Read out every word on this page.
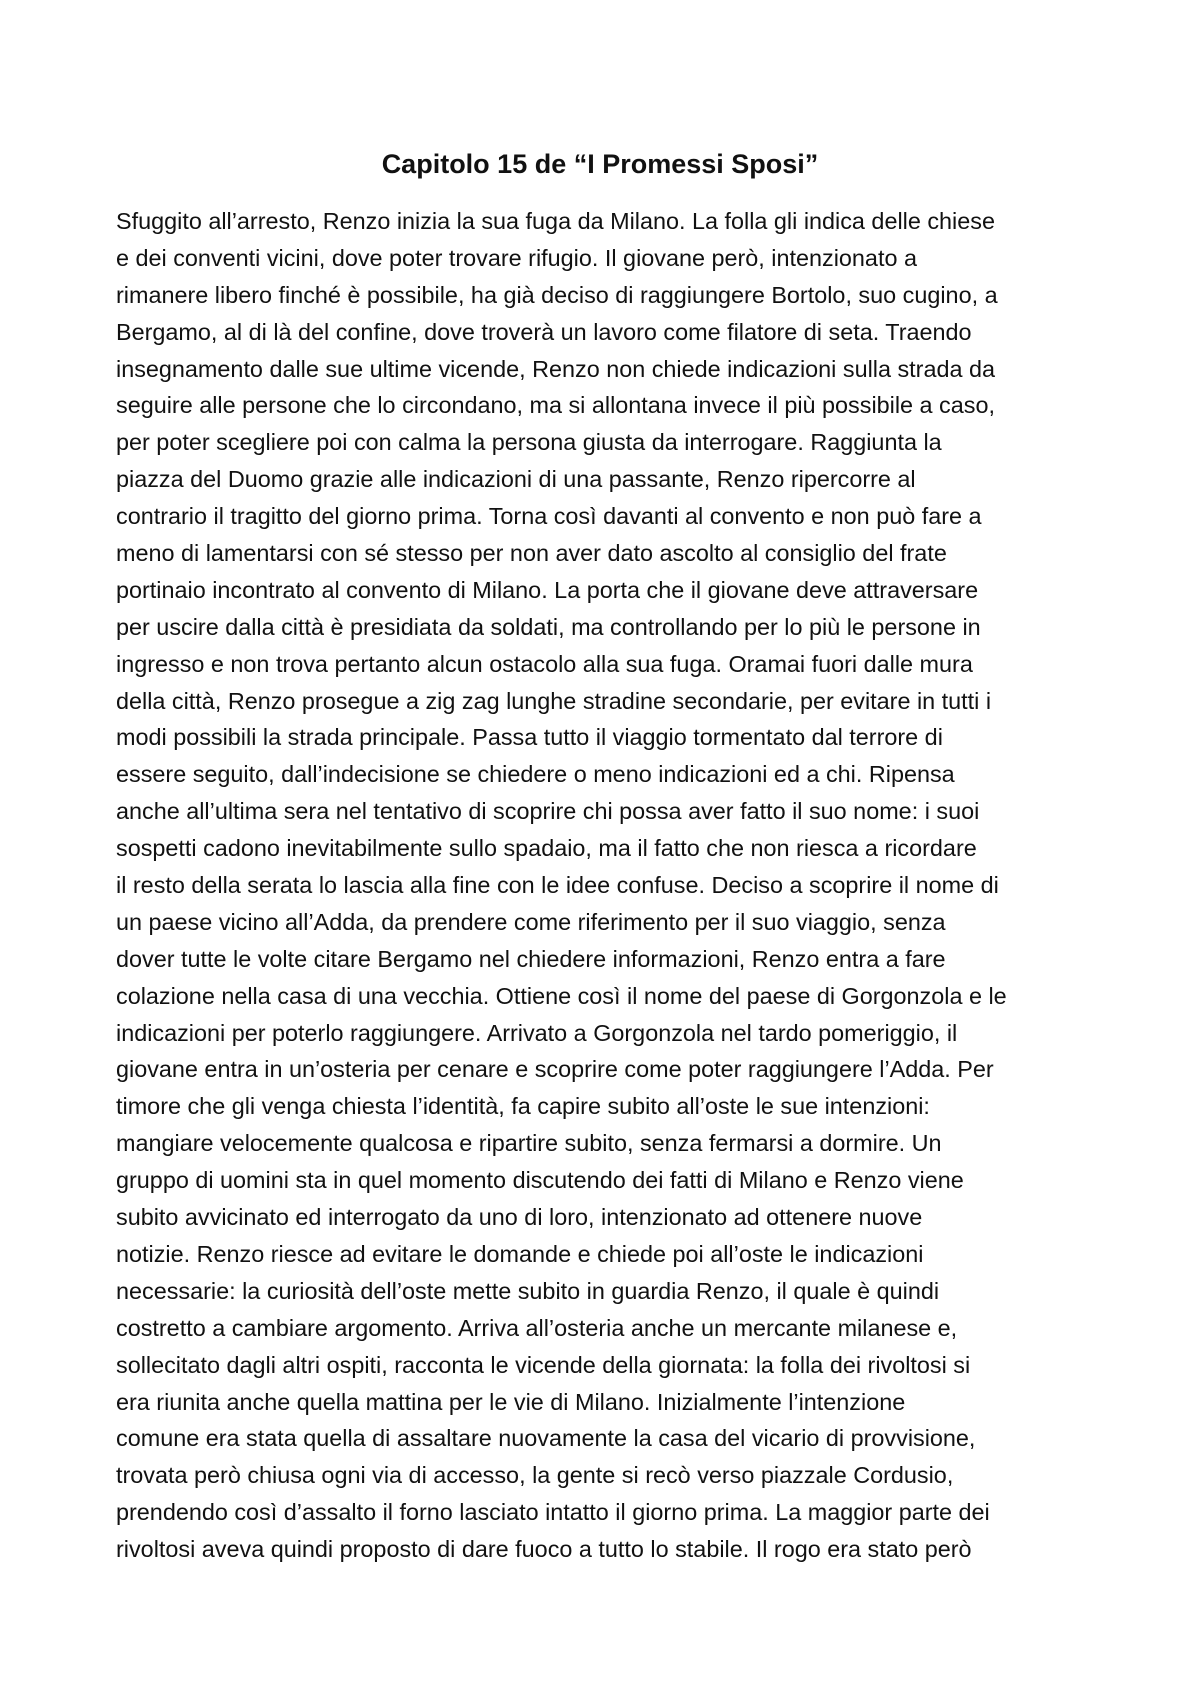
Capitolo 15 de “I Promessi Sposi”
Sfuggito all’arresto, Renzo inizia la sua fuga da Milano. La folla gli indica delle chiese
e dei conventi vicini, dove poter trovare rifugio. Il giovane però, intenzionato a
rimanere libero finché è possibile, ha già deciso di raggiungere Bortolo, suo cugino, a
Bergamo, al di là del confine, dove troverà un lavoro come filatore di seta. Traendo
insegnamento dalle sue ultime vicende, Renzo non chiede indicazioni sulla strada da
seguire alle persone che lo circondano, ma si allontana invece il più possibile a caso,
per poter scegliere poi con calma la persona giusta da interrogare. Raggiunta la
piazza del Duomo grazie alle indicazioni di una passante, Renzo ripercorre al
contrario il tragitto del giorno prima. Torna così davanti al convento e non può fare a
meno di lamentarsi con sé stesso per non aver dato ascolto al consiglio del frate
portinaio incontrato al convento di Milano. La porta che il giovane deve attraversare
per uscire dalla città è presidiata da soldati, ma controllando per lo più le persone in
ingresso e non trova pertanto alcun ostacolo alla sua fuga. Oramai fuori dalle mura
della città, Renzo prosegue a zig zag lunghe stradine secondarie, per evitare in tutti i
modi possibili la strada principale. Passa tutto il viaggio tormentato dal terrore di
essere seguito, dall’indecisione se chiedere o meno indicazioni ed a chi. Ripensa
anche all’ultima sera nel tentativo di scoprire chi possa aver fatto il suo nome: i suoi
sospetti cadono inevitabilmente sullo spadaio, ma il fatto che non riesca a ricordare
il resto della serata lo lascia alla fine con le idee confuse. Deciso a scoprire il nome di
un paese vicino all’Adda, da prendere come riferimento per il suo viaggio, senza
dover tutte le volte citare Bergamo nel chiedere informazioni, Renzo entra a fare
colazione nella casa di una vecchia. Ottiene così il nome del paese di Gorgonzola e le
indicazioni per poterlo raggiungere. Arrivato a Gorgonzola nel tardo pomeriggio, il
giovane entra in un’osteria per cenare e scoprire come poter raggiungere l’Adda. Per
timore che gli venga chiesta l’identità, fa capire subito all’oste le sue intenzioni:
mangiare velocemente qualcosa e ripartire subito, senza fermarsi a dormire. Un
gruppo di uomini sta in quel momento discutendo dei fatti di Milano e Renzo viene
subito avvicinato ed interrogato da uno di loro, intenzionato ad ottenere nuove
notizie. Renzo riesce ad evitare le domande e chiede poi all’oste le indicazioni
necessarie: la curiosità dell’oste mette subito in guardia Renzo, il quale è quindi
costretto a cambiare argomento. Arriva all’osteria anche un mercante milanese e,
sollecitato dagli altri ospiti, racconta le vicende della giornata: la folla dei rivoltosi si
era riunita anche quella mattina per le vie di Milano. Inizialmente l’intenzione
comune era stata quella di assaltare nuovamente la casa del vicario di provvisione,
trovata però chiusa ogni via di accesso, la gente si recò verso piazzale Cordusio,
prendendo così d’assalto il forno lasciato intatto il giorno prima. La maggior parte dei
rivoltosi aveva quindi proposto di dare fuoco a tutto lo stabile. Il rogo era stato però
